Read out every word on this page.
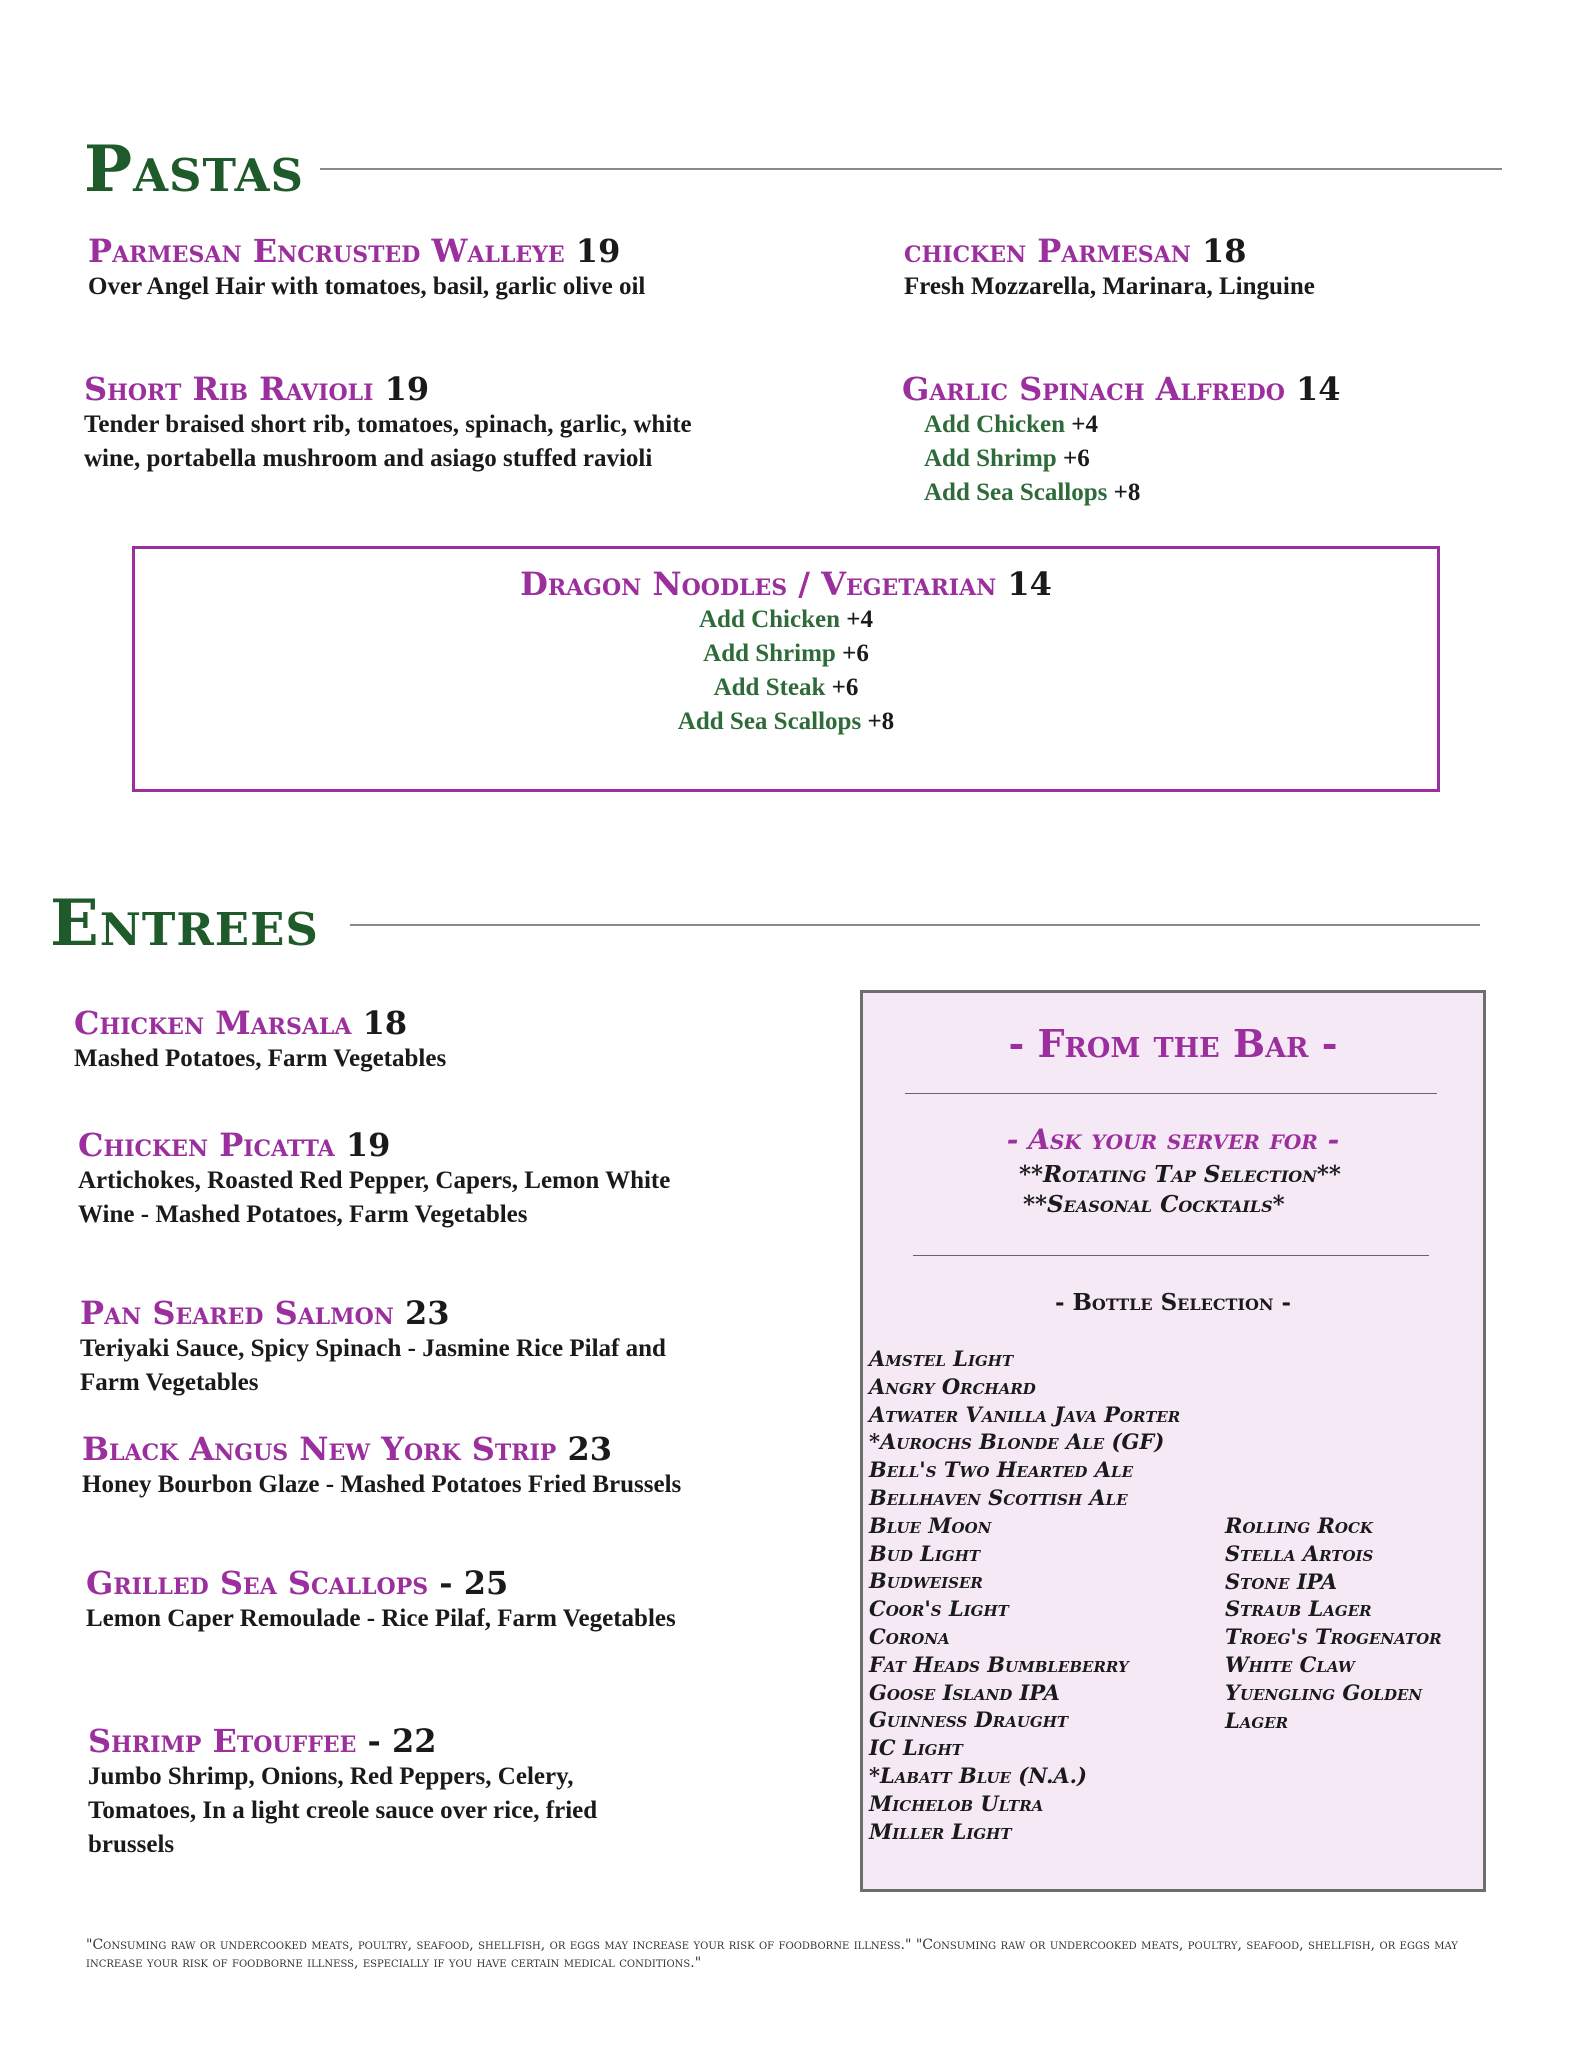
Pastas
Parmesan Encrusted Walleye 19
Over Angel Hair with tomatoes, basil, garlic olive oil
chicken Parmesan 18
Fresh Mozzarella, Marinara, Linguine
Short Rib Ravioli 19
Tender braised short rib, tomatoes, spinach, garlic, white wine, portabella mushroom and asiago stuffed ravioli
Garlic Spinach Alfredo 14
Add Chicken +4
Add Shrimp +6
Add Sea Scallops +8
Dragon Noodles / Vegetarian 14
Add Chicken +4
Add Shrimp +6
Add Steak +6
Add Sea Scallops +8
Entrees
Chicken Marsala 18
Mashed Potatoes, Farm Vegetables
Chicken Picatta 19
Artichokes, Roasted Red Pepper, Capers, Lemon White Wine - Mashed Potatoes, Farm Vegetables
Pan Seared Salmon 23
Teriyaki Sauce, Spicy Spinach - Jasmine Rice Pilaf and Farm Vegetables
Black Angus New York Strip 23
Honey Bourbon Glaze - Mashed Potatoes Fried Brussels
Grilled Sea Scallops - 25
Lemon Caper Remoulade - Rice Pilaf, Farm Vegetables
Shrimp Etouffee - 22
Jumbo Shrimp, Onions, Red Peppers, Celery, Tomatoes, In a light creole sauce over rice, fried brussels
- From the Bar -
- Ask your server for -
**Rotating Tap Selection**
**Seasonal Cocktails*
- Bottle Selection -
Amstel Light
Angry Orchard
Atwater Vanilla Java Porter
*Aurochs Blonde Ale (GF)
Bell's Two Hearted Ale
Bellhaven Scottish Ale
Blue Moon
Bud Light
Budweiser
Coor's Light
Corona
Fat Heads Bumbleberry
Goose Island IPA
Guinness Draught
IC Light
*Labatt Blue (N.A.)
Michelob Ultra
Miller Light
Rolling Rock
Stella Artois
Stone IPA
Straub Lager
Troeg's Trogenator
White Claw
Yuengling Golden
Lager
"Consuming raw or undercooked meats, poultry, seafood, shellfish, or eggs may increase your risk of foodborne illness." "Consuming raw or undercooked meats, poultry, seafood, shellfish, or eggs may increase your risk of foodborne illness, especially if you have certain medical conditions."
